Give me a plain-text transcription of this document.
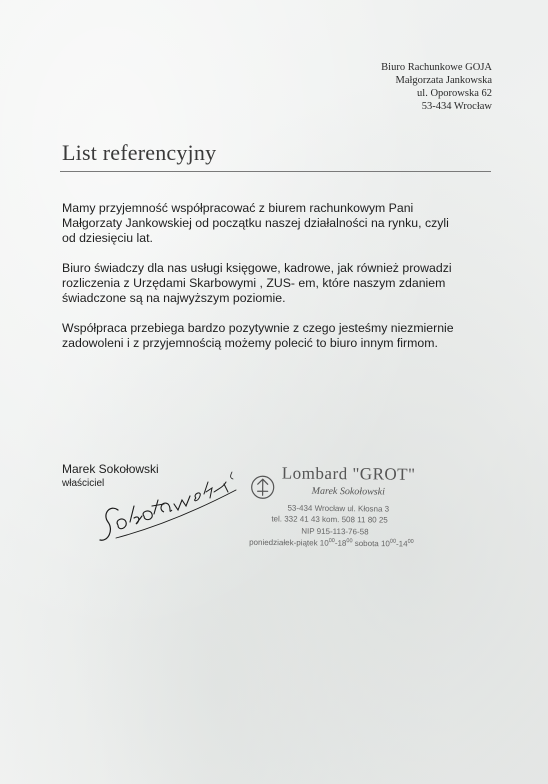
Biuro Rachunkowe GOJA
Małgorzata Jankowska
ul. Oporowska 62
53-434 Wrocław
List referencyjny

Mamy przyjemność współpracować z biurem rachunkowym Pani
Małgorzaty Jankowskiej od początku naszej działalności na rynku, czyli
od dziesięciu lat.

Biuro świadczy dla nas usługi księgowe, kadrowe, jak również prowadzi
rozliczenia z Urzędami Skarbowymi , ZUS- em, które naszym zdaniem
świadczone są na najwyższym poziomie.

Współpraca przebiega bardzo pozytywnie z czego jesteśmy niezmiernie
zadowoleni i z przyjemnością możemy polecić to biuro innym firmom.

Marek Sokołowski
właściciel	Lombard "GROT"
Marek Sokołowski
53-434 Wrocław ul. Kłosna 3
tel. 332 41 43 kom. 508 11 80 25
NIP 915-113-76-58
poniedziałek-piątek $10^{00}-18^{00}$ sobota $10^{00}-14^{00}$
